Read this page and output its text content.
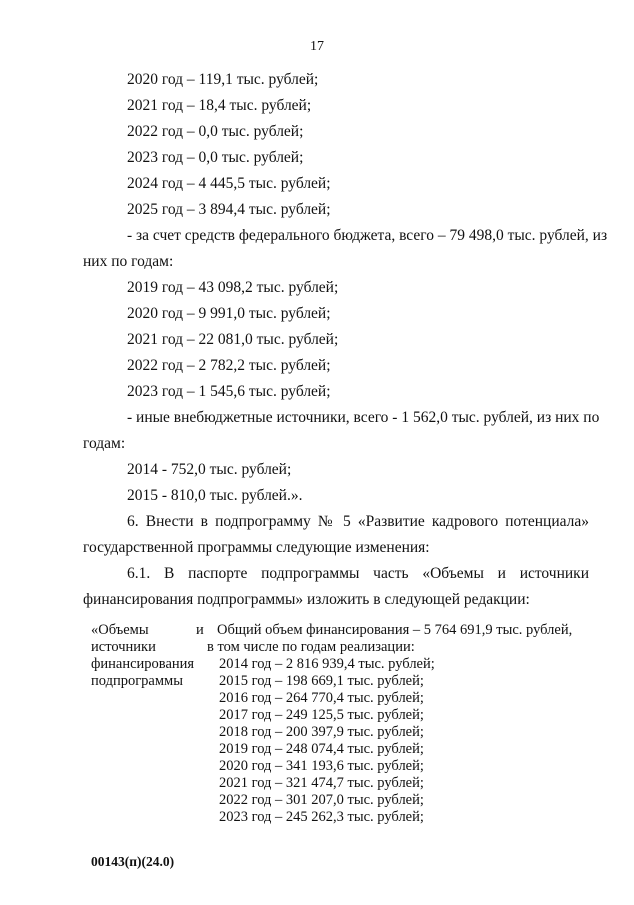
17
2020 год – 119,1 тыс. рублей;
2021 год – 18,4 тыс. рублей;
2022 год – 0,0 тыс. рублей;
2023 год – 0,0 тыс. рублей;
2024 год – 4 445,5 тыс. рублей;
2025 год – 3 894,4 тыс. рублей;
- за счет средств федерального бюджета, всего – 79 498,0 тыс. рублей, из
них по годам:
2019 год – 43 098,2 тыс. рублей;
2020 год – 9 991,0 тыс. рублей;
2021 год – 22 081,0 тыс. рублей;
2022 год – 2 782,2 тыс. рублей;
2023 год – 1 545,6 тыс. рублей;
- иные внебюджетные источники, всего - 1 562,0 тыс. рублей, из них по
годам:
2014 - 752,0 тыс. рублей;
2015 - 810,0 тыс. рублей.».
6. Внести в подпрограмму № 5 «Развитие кадрового потенциала»
государственной программы следующие изменения:
6.1. В паспорте подпрограммы часть «Объемы и источники
финансирования подпрограммы» изложить в следующей редакции:
«Объемы	и
источники
финансирования
подпрограммы
Общий объем финансирования – 5 764 691,9 тыс. рублей,
в том числе по годам реализации:
2014 год – 2 816 939,4 тыс. рублей;
2015 год – 198 669,1 тыс. рублей;
2016 год – 264 770,4 тыс. рублей;
2017 год – 249 125,5 тыс. рублей;
2018 год – 200 397,9 тыс. рублей;
2019 год – 248 074,4 тыс. рублей;
2020 год – 341 193,6 тыс. рублей;
2021 год – 321 474,7 тыс. рублей;
2022 год – 301 207,0 тыс. рублей;
2023 год – 245 262,3 тыс. рублей;
00143(п)(24.0)
